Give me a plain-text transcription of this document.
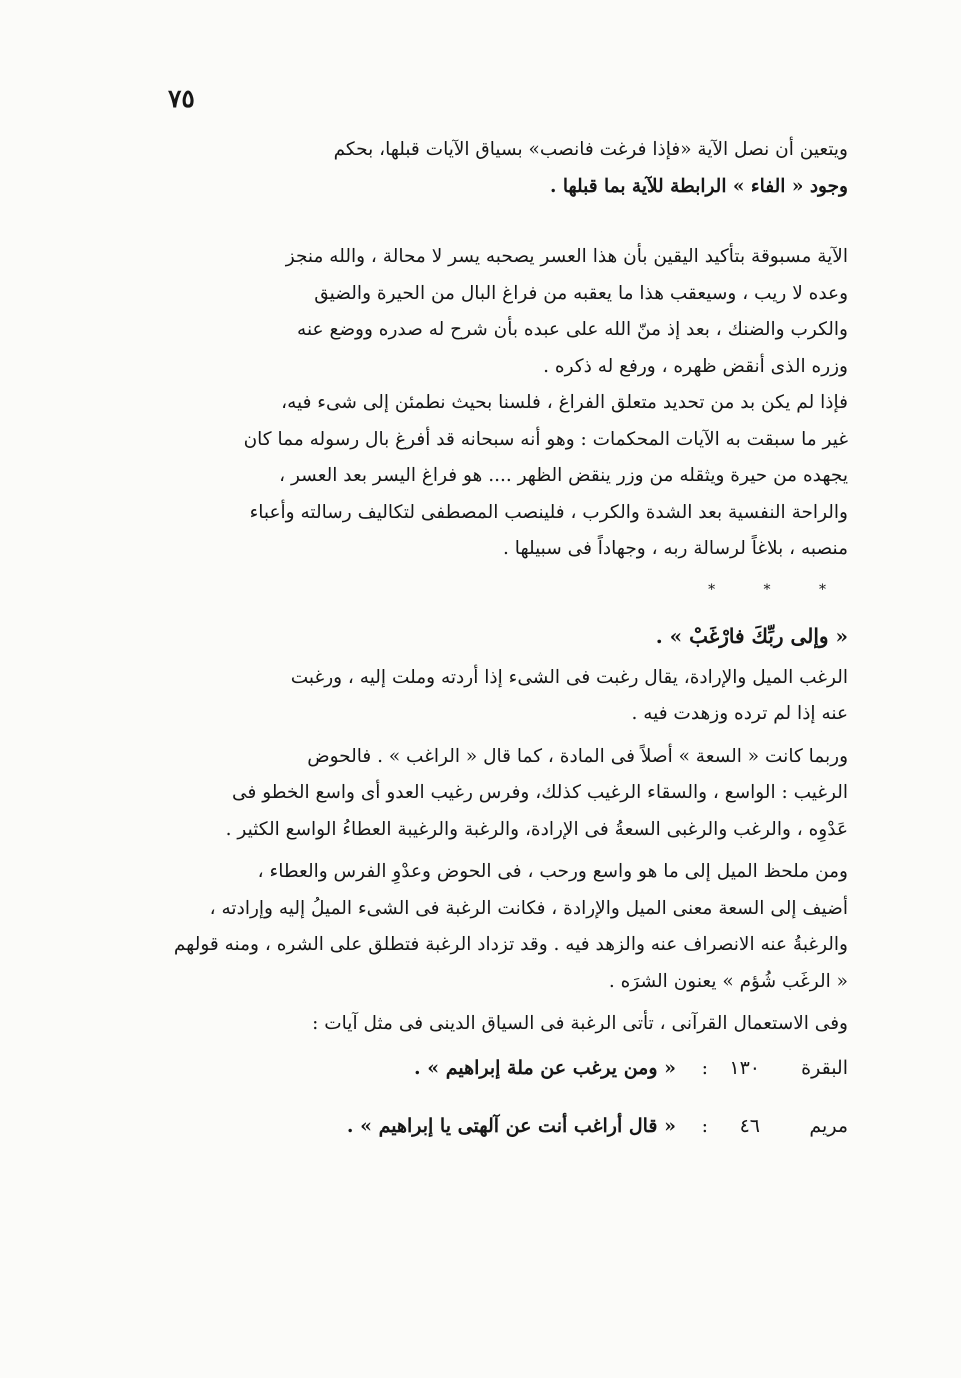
٧٥

ويتعين أن نصل الآية «فإذا فرغت فانصب» بسياق الآيات قبلها، بحكم
وجود « الفاء » الرابطة للآية بما قبلها .

الآية مسبوقة بتأكيد اليقين بأن هذا العسر يصحبه يسر لا محالة ، والله منجز
وعده لا ريب ، وسيعقب هذا ما يعقبه من فراغ البال من الحيرة والضيق
والكرب والضنك ، بعد إذ منّ الله على عبده بأن شرح له صدره ووضع عنه
وزره الذى أنقض ظهره ، ورفع له ذكره .

فإذا لم يكن بد من تحديد متعلق الفراغ ، فلسنا بحيث نطمئن إلى شىء فيه،
غير ما سبقت به الآيات المحكمات : وهو أنه سبحانه قد أفرغ بال رسوله مما كان
يجهده من حيرة ويثقله من وزر ينقض الظهر .... هو فراغ اليسر بعد العسر ،
والراحة النفسية بعد الشدة والكرب ، فلينصب المصطفى لتكاليف رسالته وأعباء
منصبه ، بلاغاً لرسالة ربه ، وجهاداً فى سبيلها .

* * *

« وإلى ربِّكَ فارْغَبْ » .

الرغب الميل والإرادة، يقال رغبت فى الشىء إذا أردته وملت إليه ، ورغبت
عنه إذا لم ترده وزهدت فيه .

وربما كانت « السعة » أصلاً فى المادة ، كما قال « الراغب » . فالحوض
الرغيب : الواسع ، والسقاء الرغيب كذلك، وفرس رغيب العدو أى واسع الخطو فى
عَدْوِه ، والرغب والرغبى السعةُ فى الإرادة، والرغبة والرغيبة العطاءُ الواسع الكثير .

ومن ملحظ الميل إلى ما هو واسع ورحب ، فى الحوض وعدْوِ الفرس والعطاء ،
أضيف إلى السعة معنى الميل والإرادة ، فكانت الرغبة فى الشىء الميلُ إليه وإرادته ،
والرغبةُ عنه الانصراف عنه والزهد فيه . وقد تزداد الرغبة فتطلق على الشره ، ومنه قولهم
« الرغَب شُؤم » يعنون الشرَه .

وفى الاستعمال القرآنى ، تأتى الرغبة فى السياق الدينى فى مثل آيات :

البقرة
١٣٠
:
« ومن يرغب عن ملة إبراهيم » .
مريم
٤٦
:
« قال أراغب أنت عن آلهتى يا إبراهيم » .
